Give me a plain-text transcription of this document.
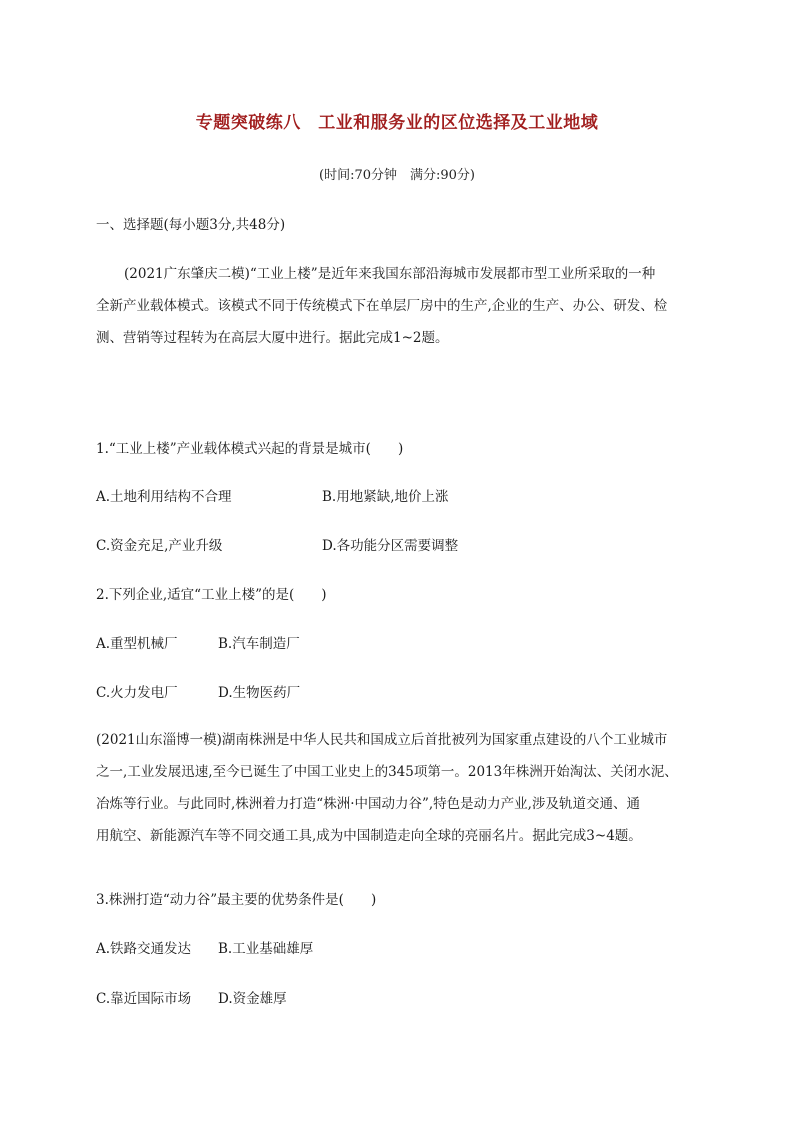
专题突破练八　工业和服务业的区位选择及工业地域
(时间:70分钟　满分:90分)
一、选择题(每小题3分,共48分)
(2021广东肇庆二模)“工业上楼”是近年来我国东部沿海城市发展都市型工业所采取的一种
全新产业载体模式。该模式不同于传统模式下在单层厂房中的生产,企业的生产、办公、研发、检
测、营销等过程转为在高层大厦中进行。据此完成1~2题。
1.“工业上楼”产业载体模式兴起的背景是城市(　　)
A.土地利用结构不合理	B.用地紧缺,地价上涨
C.资金充足,产业升级	D.各功能分区需要调整
2.下列企业,适宜“工业上楼”的是(　　)
A.重型机械厂	B.汽车制造厂
C.火力发电厂	D.生物医药厂
(2021山东淄博一模)湖南株洲是中华人民共和国成立后首批被列为国家重点建设的八个工业城市
之一,工业发展迅速,至今已诞生了中国工业史上的345项第一。2013年株洲开始淘汰、关闭水泥、
冶炼等行业。与此同时,株洲着力打造“株洲·中国动力谷”,特色是动力产业,涉及轨道交通、通
用航空、新能源汽车等不同交通工具,成为中国制造走向全球的亮丽名片。据此完成3~4题。
3.株洲打造“动力谷”最主要的优势条件是(　　)
A.铁路交通发达 B.工业基础雄厚
C.靠近国际市场 D.资金雄厚
